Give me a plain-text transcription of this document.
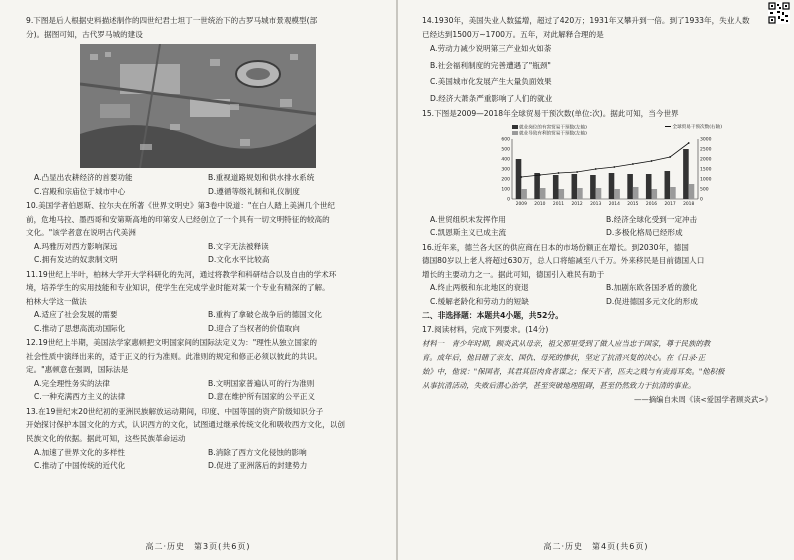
9.下图是后人根据史料描述制作的四世纪君士坦丁一世统治下的古罗马城市景观模型(部

分)。据图可知，古代罗马城的建设

A.凸显出农耕经济的首要功能	B.重视道路规划和供水排水系统
C.宫殿和宗庙位于城市中心	D.遵循等级礼制和礼仪制度

10.美国学者伯恩斯、拉尔夫在所著《世界文明史》第3卷中说道："在白人踏上美洲几个世纪

前，危地马拉、墨西哥和安第斯高地的印第安人已经创立了一个具有一切文明特征的较高的

文化。"该学者意在说明古代美洲

A.玛雅历对西方影响深远	B.文字无法被释读
C.拥有发达的奴隶制文明	D.文化水平比较高

11.19世纪上半叶，柏林大学开大学科研化的先河，通过将教学和科研结合以及自由的学术环

境，培养学生的实用技能和专业知识，使学生在完成学业时能对某一个专业有精深的了解。

柏林大学这一做法

A.适应了社会发展的需要	B.重构了拿破仑战争后的德国文化
C.推动了思想高流动国际化	D.迎合了当权者的价值取向

12.19世纪上半期，美国法学家惠顿把文明国家间的国际法定义为："理性从独立国家的

社会性质中演绎出来的，适于正义的行为准则。此准则的规定和修正必须以彼此的共识。

定。"惠顿意在强调，国际法是

A.完全理性务实的法律	B.文明国家普遍认可的行为准则
C.一种充满西方主义的法律	D.意在维护所有国家的公平正义

13.在19世纪末20世纪初的亚洲民族解放运动期间，印度、中国等国的资产阶级知识分子

开始探讨保护本国文化的方式，认识西方的文化，试图通过继承传统文化和吸收西方文化，以创

民族文化的依据。据此可知，这些民族革命运动

A.加速了世界文化的多样性	B.消除了西方文化侵蚀的影响
C.推动了中国传统的近代化	D.促进了亚洲落后的封建势力
高二·历史　第3页(共6页)

14.1930年，美国失业人数猛增，超过了420万；1931年又攀升到一倍。到了1933年，失业人数

已经达到1500万~1700万。五年，对此解释合理的是

A.劳动力减少说明第三产业如火如荼
B.社会福利制度的完善遭遇了"瓶颈"
C.美国城市化发展产生大量负面效果
D.经济大萧条严重影响了人们的就业

15.下图是2009—2018年全球贸易干预次数(单位:次)。据此可知，当今世界

就业岗位的有害贸易干预数(左轴)	全球贸易干预次数(右轴)
就业导致有利的贸易干预数(左轴)
0
100
200
300
400
500
600
0
500
1000
1500
2000
2500
3000
2009 2010 2011 2012 2013 2014 2015 2016 2017 2018
A.世贸组织未发挥作用	B.经济全球化受到一定冲击
C.凯恩斯主义已成主流	D.多极化格局已经形成

16.近年来，德兰各大区的供应商在日本的市场份额正在增长。到2030年，德国

德国80岁以上老人将超过630万，总人口将缩减至八千万。外来移民是目前德国人口

增长的主要动力之一。据此可知，德国引入难民有助于

A.终止两极和东北地区的衰退	B.加剧东欧各国矛盾的激化
C.缓解老龄化和劳动力的短缺	D.促进德国多元文化的形成

二、非选择题：本题共4小题，共52分。

17.阅读材料，完成下列要求。(14分)

材料一　青少年时期，顾炎武从母亲，祖父那里受到了做人应当忠于国家，尊于民族的教

育。成年后，他目睹了亲友、国仇、母死的惨状，坚定了抗清兴复的决心。在《日录·正

始》中，他说："保国者，其君其臣肉食者谋之；保天下者，匹夫之贱与有责焉耳矣。"他积极

从事抗清活动，失败后潜心治学，甚至突破地理阻碍，甚至仍然致力于抗清的事业。

——摘编自未周《读<爱国学者顾炎武>》

高二·历史　第4页(共6页)
